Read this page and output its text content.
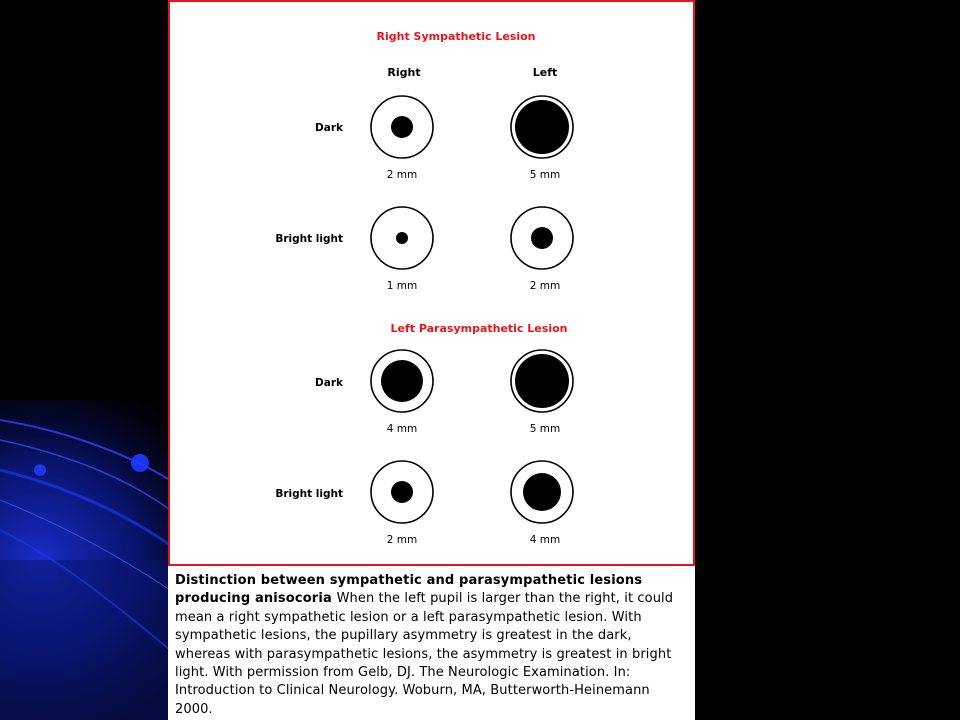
Right Sympathetic Lesion
Right	Left
Dark
2 mm	5 mm
Bright light
1 mm	2 mm
Left Parasympathetic Lesion
Dark
4 mm	5 mm
Bright light
2 mm	4 mm
Distinction between sympathetic and parasympathetic lesions producing anisocoria When the left pupil is larger than the right, it could mean a right sympathetic lesion or a left parasympathetic lesion. With sympathetic lesions, the pupillary asymmetry is greatest in the dark, whereas with parasympathetic lesions, the asymmetry is greatest in bright light. With permission from Gelb, DJ. The Neurologic Examination. In: Introduction to Clinical Neurology. Woburn, MA, Butterworth-Heinemann 2000.
